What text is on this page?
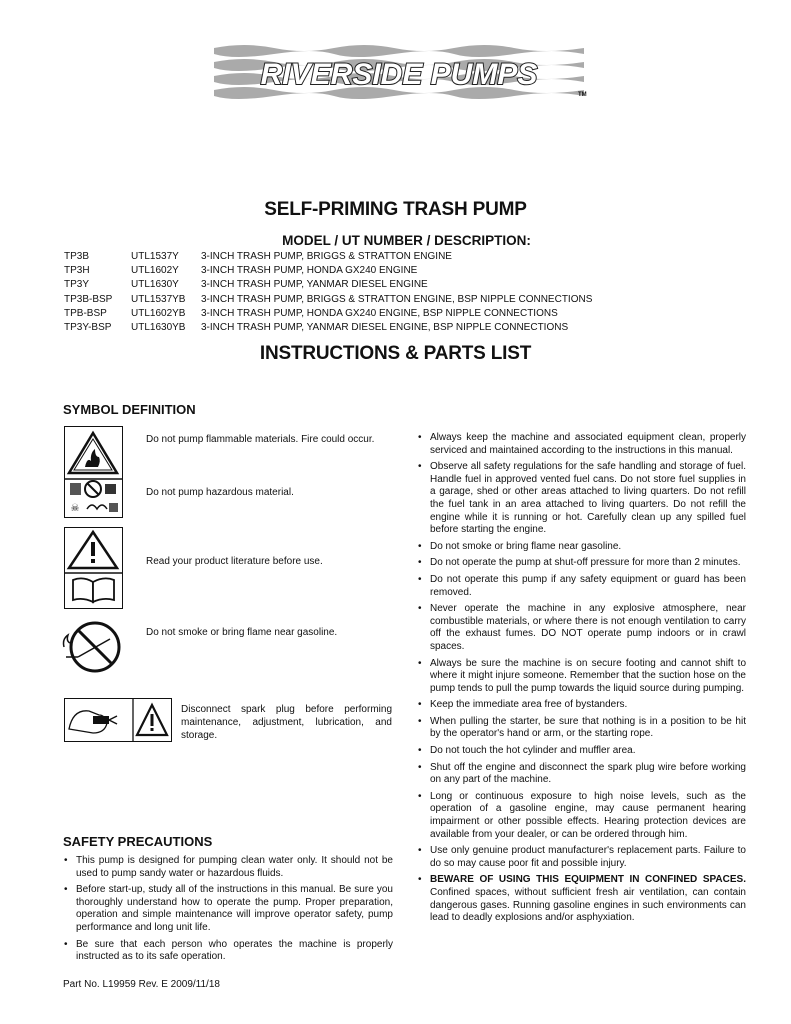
RIVERSIDE PUMPS
TM
SELF-PRIMING TRASH PUMP
MODEL / UT NUMBER / DESCRIPTION:
TP3B	UTL1537Y	3-INCH TRASH PUMP, BRIGGS & STRATTON ENGINE
TP3H	UTL1602Y	3-INCH TRASH PUMP, HONDA GX240 ENGINE
TP3Y	UTL1630Y	3-INCH TRASH PUMP, YANMAR DIESEL ENGINE
TP3B-BSP	UTL1537YB	3-INCH TRASH PUMP, BRIGGS & STRATTON ENGINE, BSP NIPPLE CONNECTIONS
TPB-BSP	UTL1602YB	3-INCH TRASH PUMP, HONDA GX240 ENGINE, BSP NIPPLE CONNECTIONS
TP3Y-BSP	UTL1630YB	3-INCH TRASH PUMP, YANMAR DIESEL ENGINE, BSP NIPPLE CONNECTIONS
INSTRUCTIONS & PARTS LIST
SYMBOL DEFINITION
☠
Do not pump flammable materials. Fire could occur.
Do not pump hazardous material.
Read your product literature before use.
Do not smoke or bring flame near gasoline.
Disconnect spark plug before performing maintenance, adjustment, lubrication, and storage.
SAFETY PRECAUTIONS
• This pump is designed for pumping clean water only. It should not be used to pump sandy water or hazardous fluids.
• Before start-up, study all of the instructions in this manual. Be sure you thoroughly understand how to operate the pump. Proper preparation, operation and simple maintenance will improve operator safety, pump performance and long unit life.
• Be sure that each person who operates the machine is properly instructed as to its safe operation.
• Always keep the machine and associated equipment clean, properly serviced and maintained according to the instructions in this manual.
• Observe all safety regulations for the safe handling and storage of fuel. Handle fuel in approved vented fuel cans. Do not store fuel supplies in a garage, shed or other areas attached to living quarters. Do not refill the fuel tank in an area attached to living quarters. Do not refill the engine while it is running or hot. Carefully clean up any spilled fuel before starting the engine.
• Do not smoke or bring flame near gasoline.
• Do not operate the pump at shut-off pressure for more than 2 minutes.
• Do not operate this pump if any safety equipment or guard has been removed.
• Never operate the machine in any explosive atmosphere, near combustible materials, or where there is not enough ventilation to carry off the exhaust fumes. DO NOT operate pump indoors or in crawl spaces.
• Always be sure the machine is on secure footing and cannot shift to where it might injure someone. Remember that the suction hose on the pump tends to pull the pump towards the liquid source during pumping.
• Keep the immediate area free of bystanders.
• When pulling the starter, be sure that nothing is in a position to be hit by the operator's hand or arm, or the starting rope.
• Do not touch the hot cylinder and muffler area.
• Shut off the engine and disconnect the spark plug wire before working on any part of the machine.
• Long or continuous exposure to high noise levels, such as the operation of a gasoline engine, may cause permanent hearing impairment or other possible effects. Hearing protection devices are available from your dealer, or can be ordered through him.
• Use only genuine product manufacturer's replacement parts. Failure to do so may cause poor fit and possible injury.
• BEWARE OF USING THIS EQUIPMENT IN CONFINED SPACES. Confined spaces, without sufficient fresh air ventilation, can contain dangerous gases. Running gasoline engines in such environments can lead to deadly explosions and/or asphyxiation.
Part No. L19959 Rev. E 2009/11/18
